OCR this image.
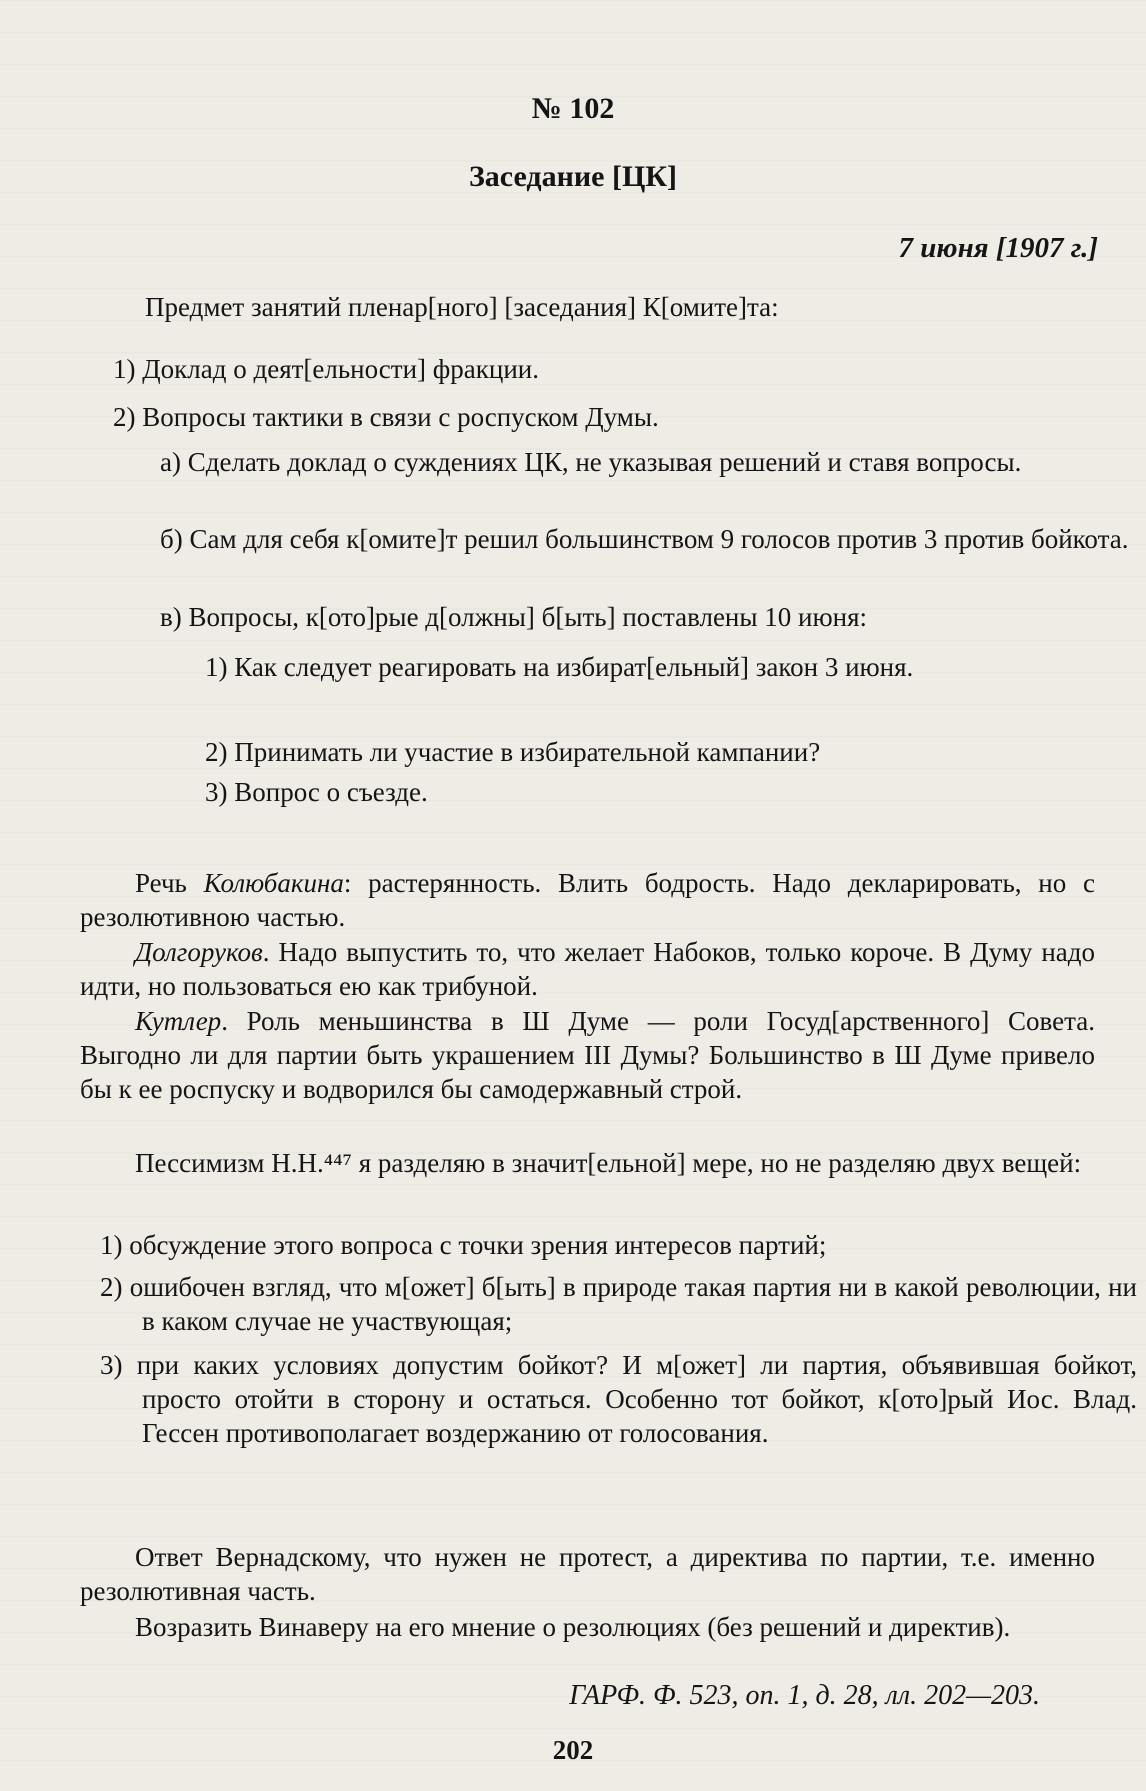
№ 102
Заседание [ЦК]
7 июня [1907 г.]

Предмет занятий пленар[ного] [заседания] К[омите]та:

1) Доклад о деят[ельности] фракции.

2) Вопросы тактики в связи с роспуском Думы.

а) Сделать доклад о суждениях ЦК, не указывая решений и ставя вопросы.

б) Сам для себя к[омите]т решил большинством 9 голосов против 3 против бойкота.

в) Вопросы, к[ото]рые д[олжны] б[ыть] поставлены 10 июня:

1) Как следует реагировать на избират[ельный] закон 3 июня.

2) Принимать ли участие в избирательной кампании?

3) Вопрос о съезде.

Речь Колюбакина: растерянность. Влить бодрость. Надо декларировать, но с резолютивною частью.

Долгоруков. Надо выпустить то, что желает Набоков, только короче. В Думу надо идти, но пользоваться ею как трибуной.

Кутлер. Роль меньшинства в Ш Думе — роли Госуд[арственного] Совета. Выгодно ли для партии быть украшением III Думы? Большинство в Ш Думе привело бы к ее роспуску и водворился бы самодержавный строй.

Пессимизм Н.Н.⁴⁴⁷ я разделяю в значит[ельной] мере, но не разделяю двух вещей:

1) обсуждение этого вопроса с точки зрения интересов партий;

2) ошибочен взгляд, что м[ожет] б[ыть] в природе такая партия ни в какой революции, ни в каком случае не участвующая;

3) при каких условиях допустим бойкот? И м[ожет] ли партия, объявившая бойкот, просто отойти в сторону и остаться. Особенно тот бойкот, к[ото]рый Иос. Влад. Гессен противополагает воздержанию от голосования.

Ответ Вернадскому, что нужен не протест, а директива по партии, т.е. именно резолютивная часть.

Возразить Винаверу на его мнение о резолюциях (без решений и директив).

ГАРФ. Ф. 523, оп. 1, д. 28, лл. 202—203.
202
